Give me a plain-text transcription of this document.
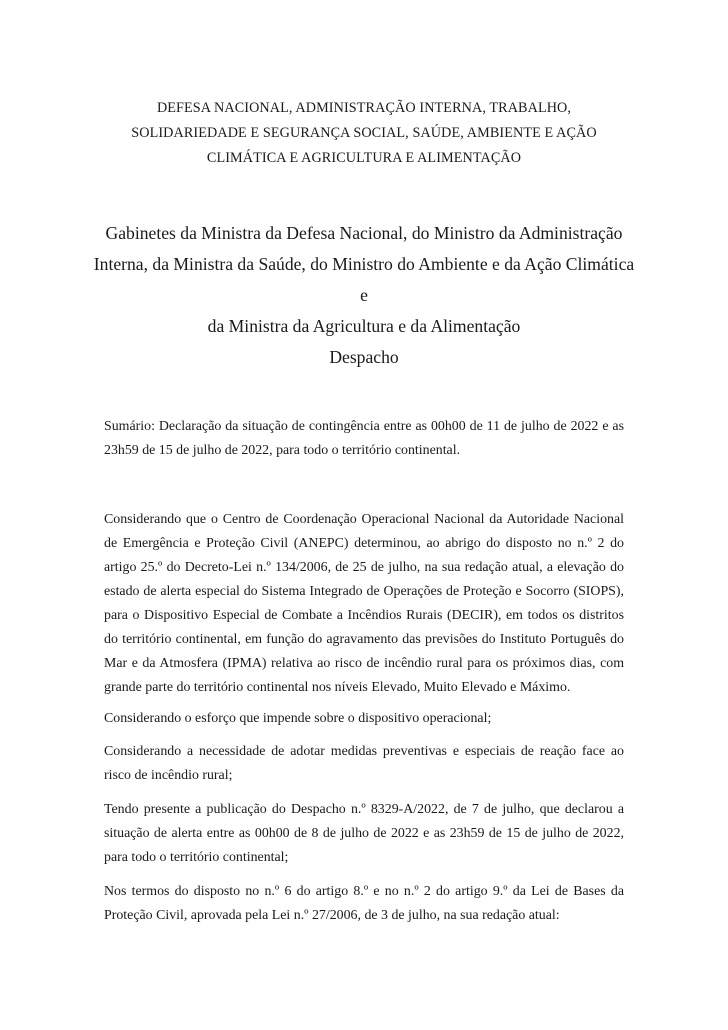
DEFESA NACIONAL, ADMINISTRAÇÃO INTERNA, TRABALHO,

SOLIDARIEDADE E SEGURANÇA SOCIAL, SAÚDE, AMBIENTE E AÇÃO

CLIMÁTICA E AGRICULTURA E ALIMENTAÇÃO

Gabinetes da Ministra da Defesa Nacional, do Ministro da Administração

Interna, da Ministra da Saúde, do Ministro do Ambiente e da Ação Climática e

da Ministra da Agricultura e da Alimentação

Despacho

Sumário: Declaração da situação de contingência entre as 00h00 de 11 de julho de 2022 e as 23h59 de 15 de julho de 2022, para todo o território continental.

Considerando que o Centro de Coordenação Operacional Nacional da Autoridade Nacional de Emergência e Proteção Civil (ANEPC) determinou, ao abrigo do disposto no n.º 2 do artigo 25.º do Decreto-Lei n.º 134/2006, de 25 de julho, na sua redação atual, a elevação do estado de alerta especial do Sistema Integrado de Operações de Proteção e Socorro (SIOPS), para o Dispositivo Especial de Combate a Incêndios Rurais (DECIR), em todos os distritos do território continental, em função do agravamento das previsões do Instituto Português do Mar e da Atmosfera (IPMA) relativa ao risco de incêndio rural para os próximos dias, com grande parte do território continental nos níveis Elevado, Muito Elevado e Máximo.

Considerando o esforço que impende sobre o dispositivo operacional;

Considerando a necessidade de adotar medidas preventivas e especiais de reação face ao risco de incêndio rural;

Tendo presente a publicação do Despacho n.º 8329-A/2022, de 7 de julho, que declarou a situação de alerta entre as 00h00 de 8 de julho de 2022 e as 23h59 de 15 de julho de 2022, para todo o território continental;

Nos termos do disposto no n.º 6 do artigo 8.º e no n.º 2 do artigo 9.º da Lei de Bases da Proteção Civil, aprovada pela Lei n.º 27/2006, de 3 de julho, na sua redação atual:
